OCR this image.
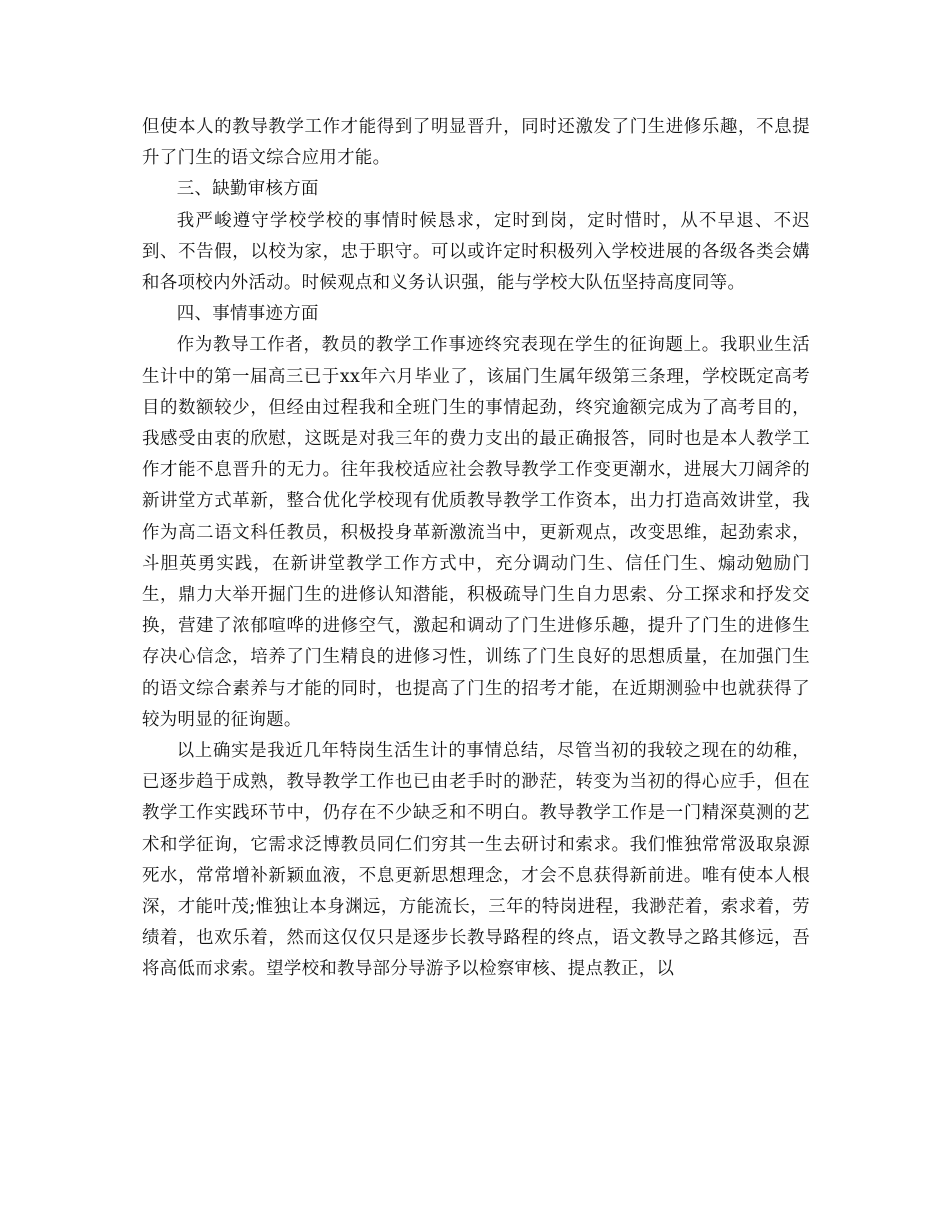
但使本人的教导教学工作才能得到了明显晋升，同时还激发了门生进修乐趣，不息提升了门生的语文综合应用才能。

三、缺勤审核方面

我严峻遵守学校学校的事情时候恳求，定时到岗，定时惜时，从不早退、不迟到、不告假，以校为家，忠于职守。可以或许定时积极列入学校进展的各级各类会媾和各项校内外活动。时候观点和义务认识强，能与学校大队伍坚持高度同等。

四、事情事迹方面

作为教导工作者，教员的教学工作事迹终究表现在学生的征询题上。我职业生活生计中的第一届高三已于xx年六月毕业了，该届门生属年级第三条理，学校既定高考目的数额较少，但经由过程我和全班门生的事情起劲，终究逾额完成为了高考目的，我感受由衷的欣慰，这既是对我三年的费力支出的最正确报答，同时也是本人教学工作才能不息晋升的无力。往年我校适应社会教导教学工作变更潮水，进展大刀阔斧的新讲堂方式革新，整合优化学校现有优质教导教学工作资本，出力打造高效讲堂，我作为高二语文科任教员，积极投身革新激流当中，更新观点，改变思维，起劲索求，斗胆英勇实践，在新讲堂教学工作方式中，充分调动门生、信任门生、煽动勉励门生，鼎力大举开掘门生的进修认知潜能，积极疏导门生自力思索、分工探求和抒发交换，营建了浓郁喧哗的进修空气，激起和调动了门生进修乐趣，提升了门生的进修生存决心信念，培养了门生精良的进修习性，训练了门生良好的思想质量，在加强门生的语文综合素养与才能的同时，也提高了门生的招考才能，在近期测验中也就获得了较为明显的征询题。

以上确实是我近几年特岗生活生计的事情总结，尽管当初的我较之现在的幼稚，已逐步趋于成熟，教导教学工作也已由老手时的渺茫，转变为当初的得心应手，但在教学工作实践环节中，仍存在不少缺乏和不明白。教导教学工作是一门精深莫测的艺术和学征询，它需求泛博教员同仁们穷其一生去研讨和索求。我们惟独常常汲取泉源死水，常常增补新颖血液，不息更新思想理念，才会不息获得新前进。唯有使本人根深，才能叶茂;惟独让本身渊远，方能流长，三年的特岗进程，我渺茫着，索求着，劳绩着，也欢乐着，然而这仅仅只是逐步长教导路程的终点，语文教导之路其修远，吾将高低而求索。望学校和教导部分导游予以检察审核、提点教正，以
